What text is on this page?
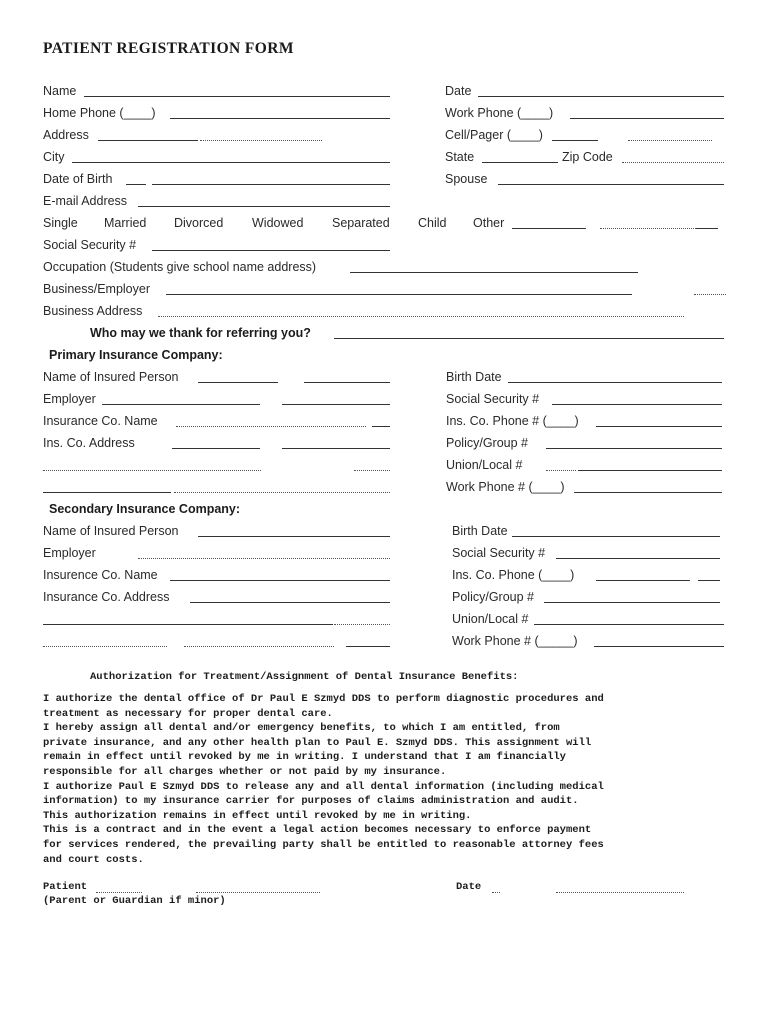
PATIENT REGISTRATION FORM
Name	Date
Home Phone (____)	Work Phone (____)
Address	Cell/Pager (____)
City	State	Zip Code
Date of Birth	Spouse
E-mail Address
Single Married Divorced Widowed Separated Child Other
Social Security #
Occupation (Students give school name address)
Business/Employer
Business Address
Who may we thank for referring you?
Primary Insurance Company:
Name of Insured Person	Birth Date
Employer	Social Security #
Insurance Co. Name	Ins. Co. Phone # (____)
Ins. Co. Address	Policy/Group #
Union/Local #
Work Phone # (____)
Secondary Insurance Company:
Name of Insured Person	Birth Date
Employer	Social Security #
Insurence Co. Name	Ins. Co. Phone (____)
Insurance Co. Address	Policy/Group #
Union/Local #
Work Phone # (_____)
Authorization for Treatment/Assignment of Dental Insurance Benefits:
I authorize the dental office of Dr Paul E Szmyd DDS to perform diagnostic procedures and
treatment as necessary for proper dental care.
I hereby assign all dental and/or emergency benefits, to which I am entitled, from
private insurance, and any other health plan to Paul E. Szmyd DDS. This assignment will
remain in effect until revoked by me in writing. I understand that I am financially
responsible for all charges whether or not paid by my insurance.
I authorize Paul E Szmyd DDS to release any and all dental information (including medical
information) to my insurance carrier for purposes of claims administration and audit.
This authorization remains in effect until revoked by me in writing.
This is a contract and in the event a legal action becomes necessary to enforce payment
for services rendered, the prevailing party shall be entitled to reasonable attorney fees
and court costs.
Patient	Date
(Parent or Guardian if minor)
